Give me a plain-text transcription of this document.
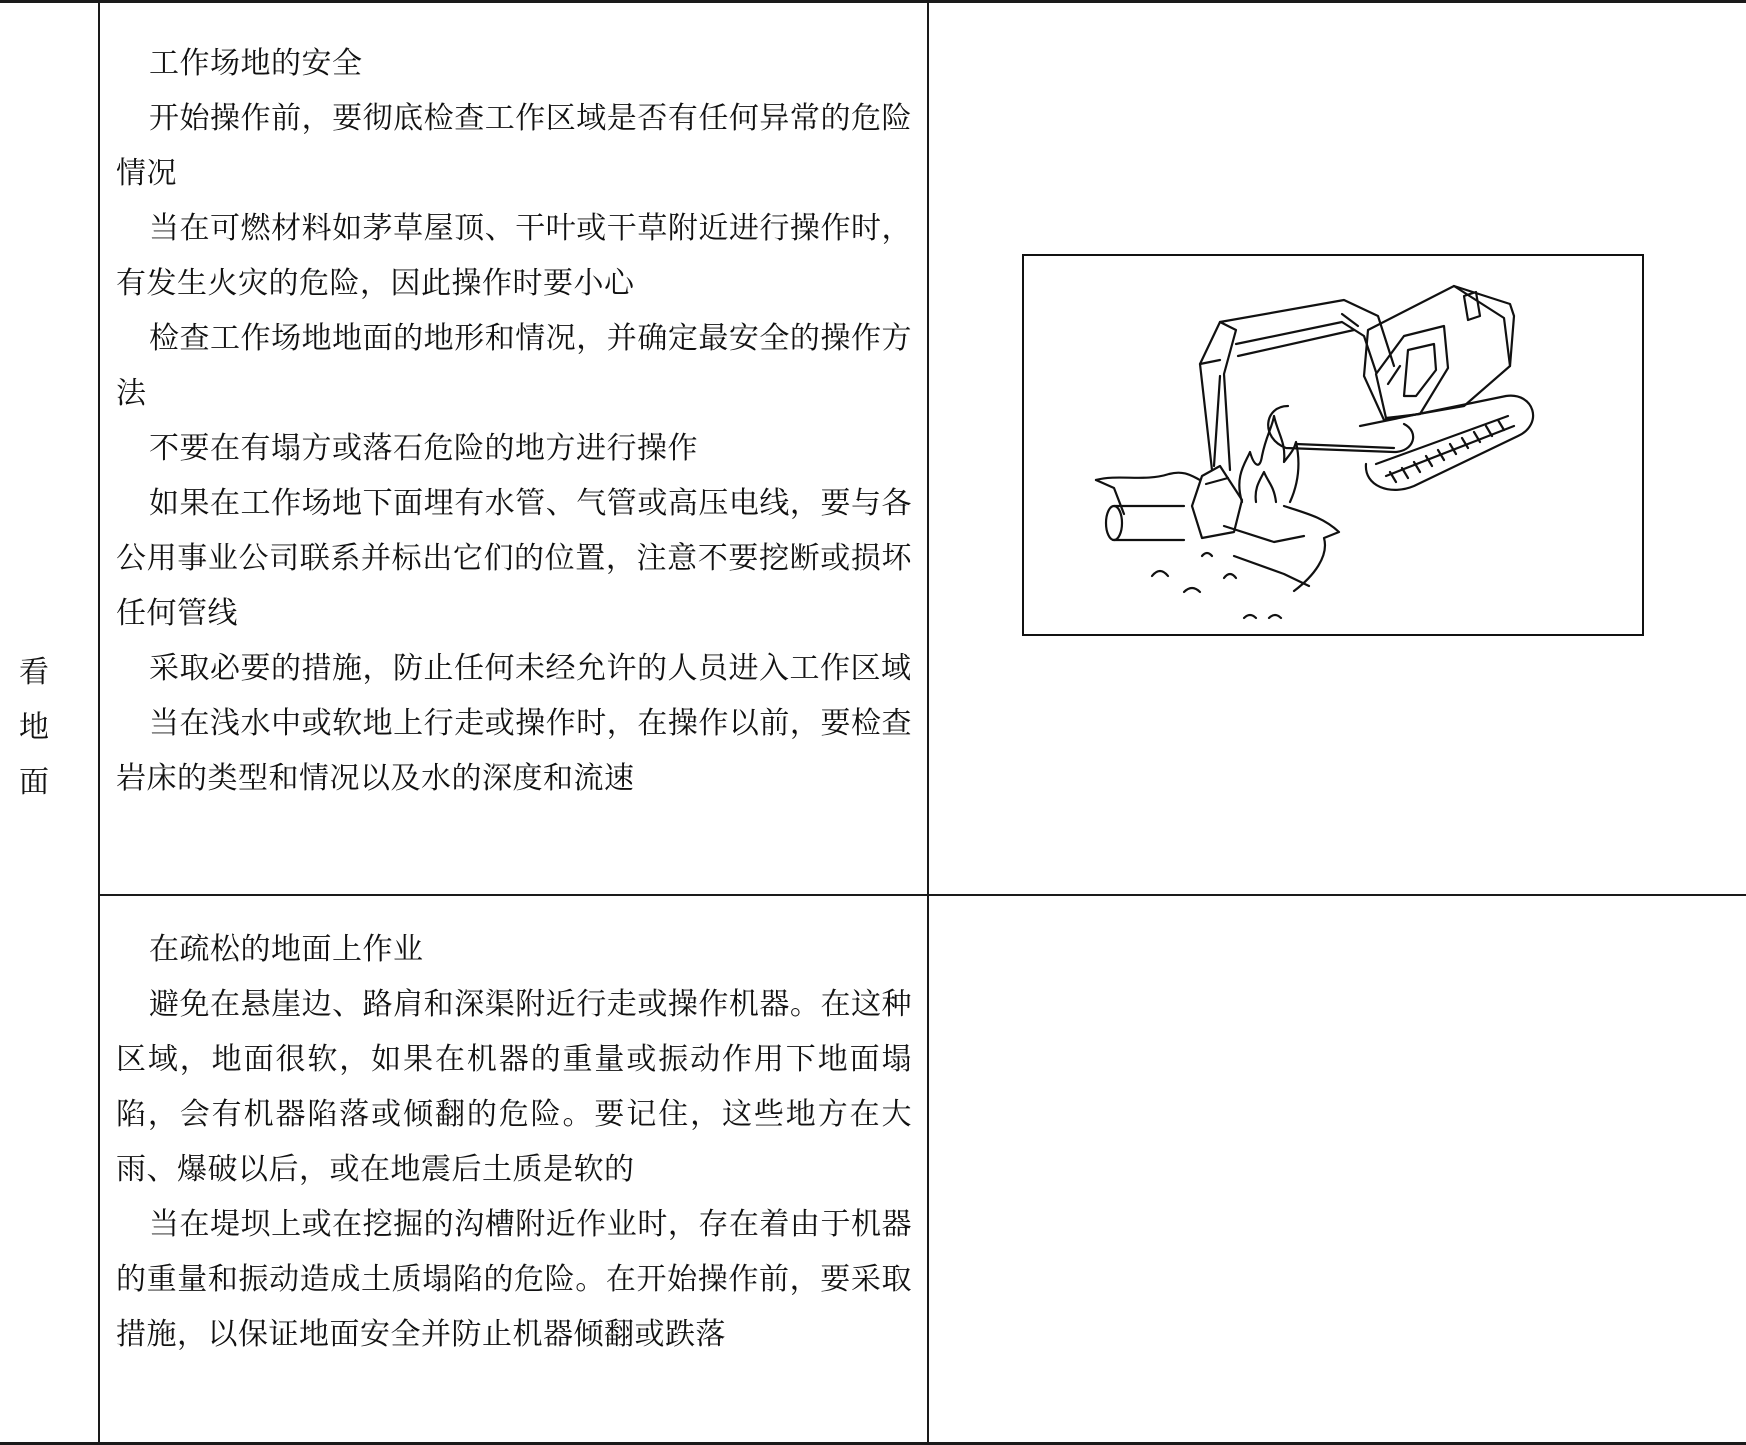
看
地
面

工作场地的安全

开始操作前，要彻底检查工作区域是否有任何异常的危险情况

当在可燃材料如茅草屋顶、干叶或干草附近进行操作时，有发生火灾的危险，因此操作时要小心

检查工作场地地面的地形和情况，并确定最安全的操作方法

不要在有塌方或落石危险的地方进行操作

如果在工作场地下面埋有水管、气管或高压电线，要与各公用事业公司联系并标出它们的位置，注意不要挖断或损坏任何管线

采取必要的措施，防止任何未经允许的人员进入工作区域

当在浅水中或软地上行走或操作时，在操作以前，要检查岩床的类型和情况以及水的深度和流速

在疏松的地面上作业

避免在悬崖边、路肩和深渠附近行走或操作机器。在这种区域，地面很软，如果在机器的重量或振动作用下地面塌陷，会有机器陷落或倾翻的危险。要记住，这些地方在大雨、爆破以后，或在地震后土质是软的

当在堤坝上或在挖掘的沟槽附近作业时，存在着由于机器的重量和振动造成土质塌陷的危险。在开始操作前，要采取措施，以保证地面安全并防止机器倾翻或跌落
